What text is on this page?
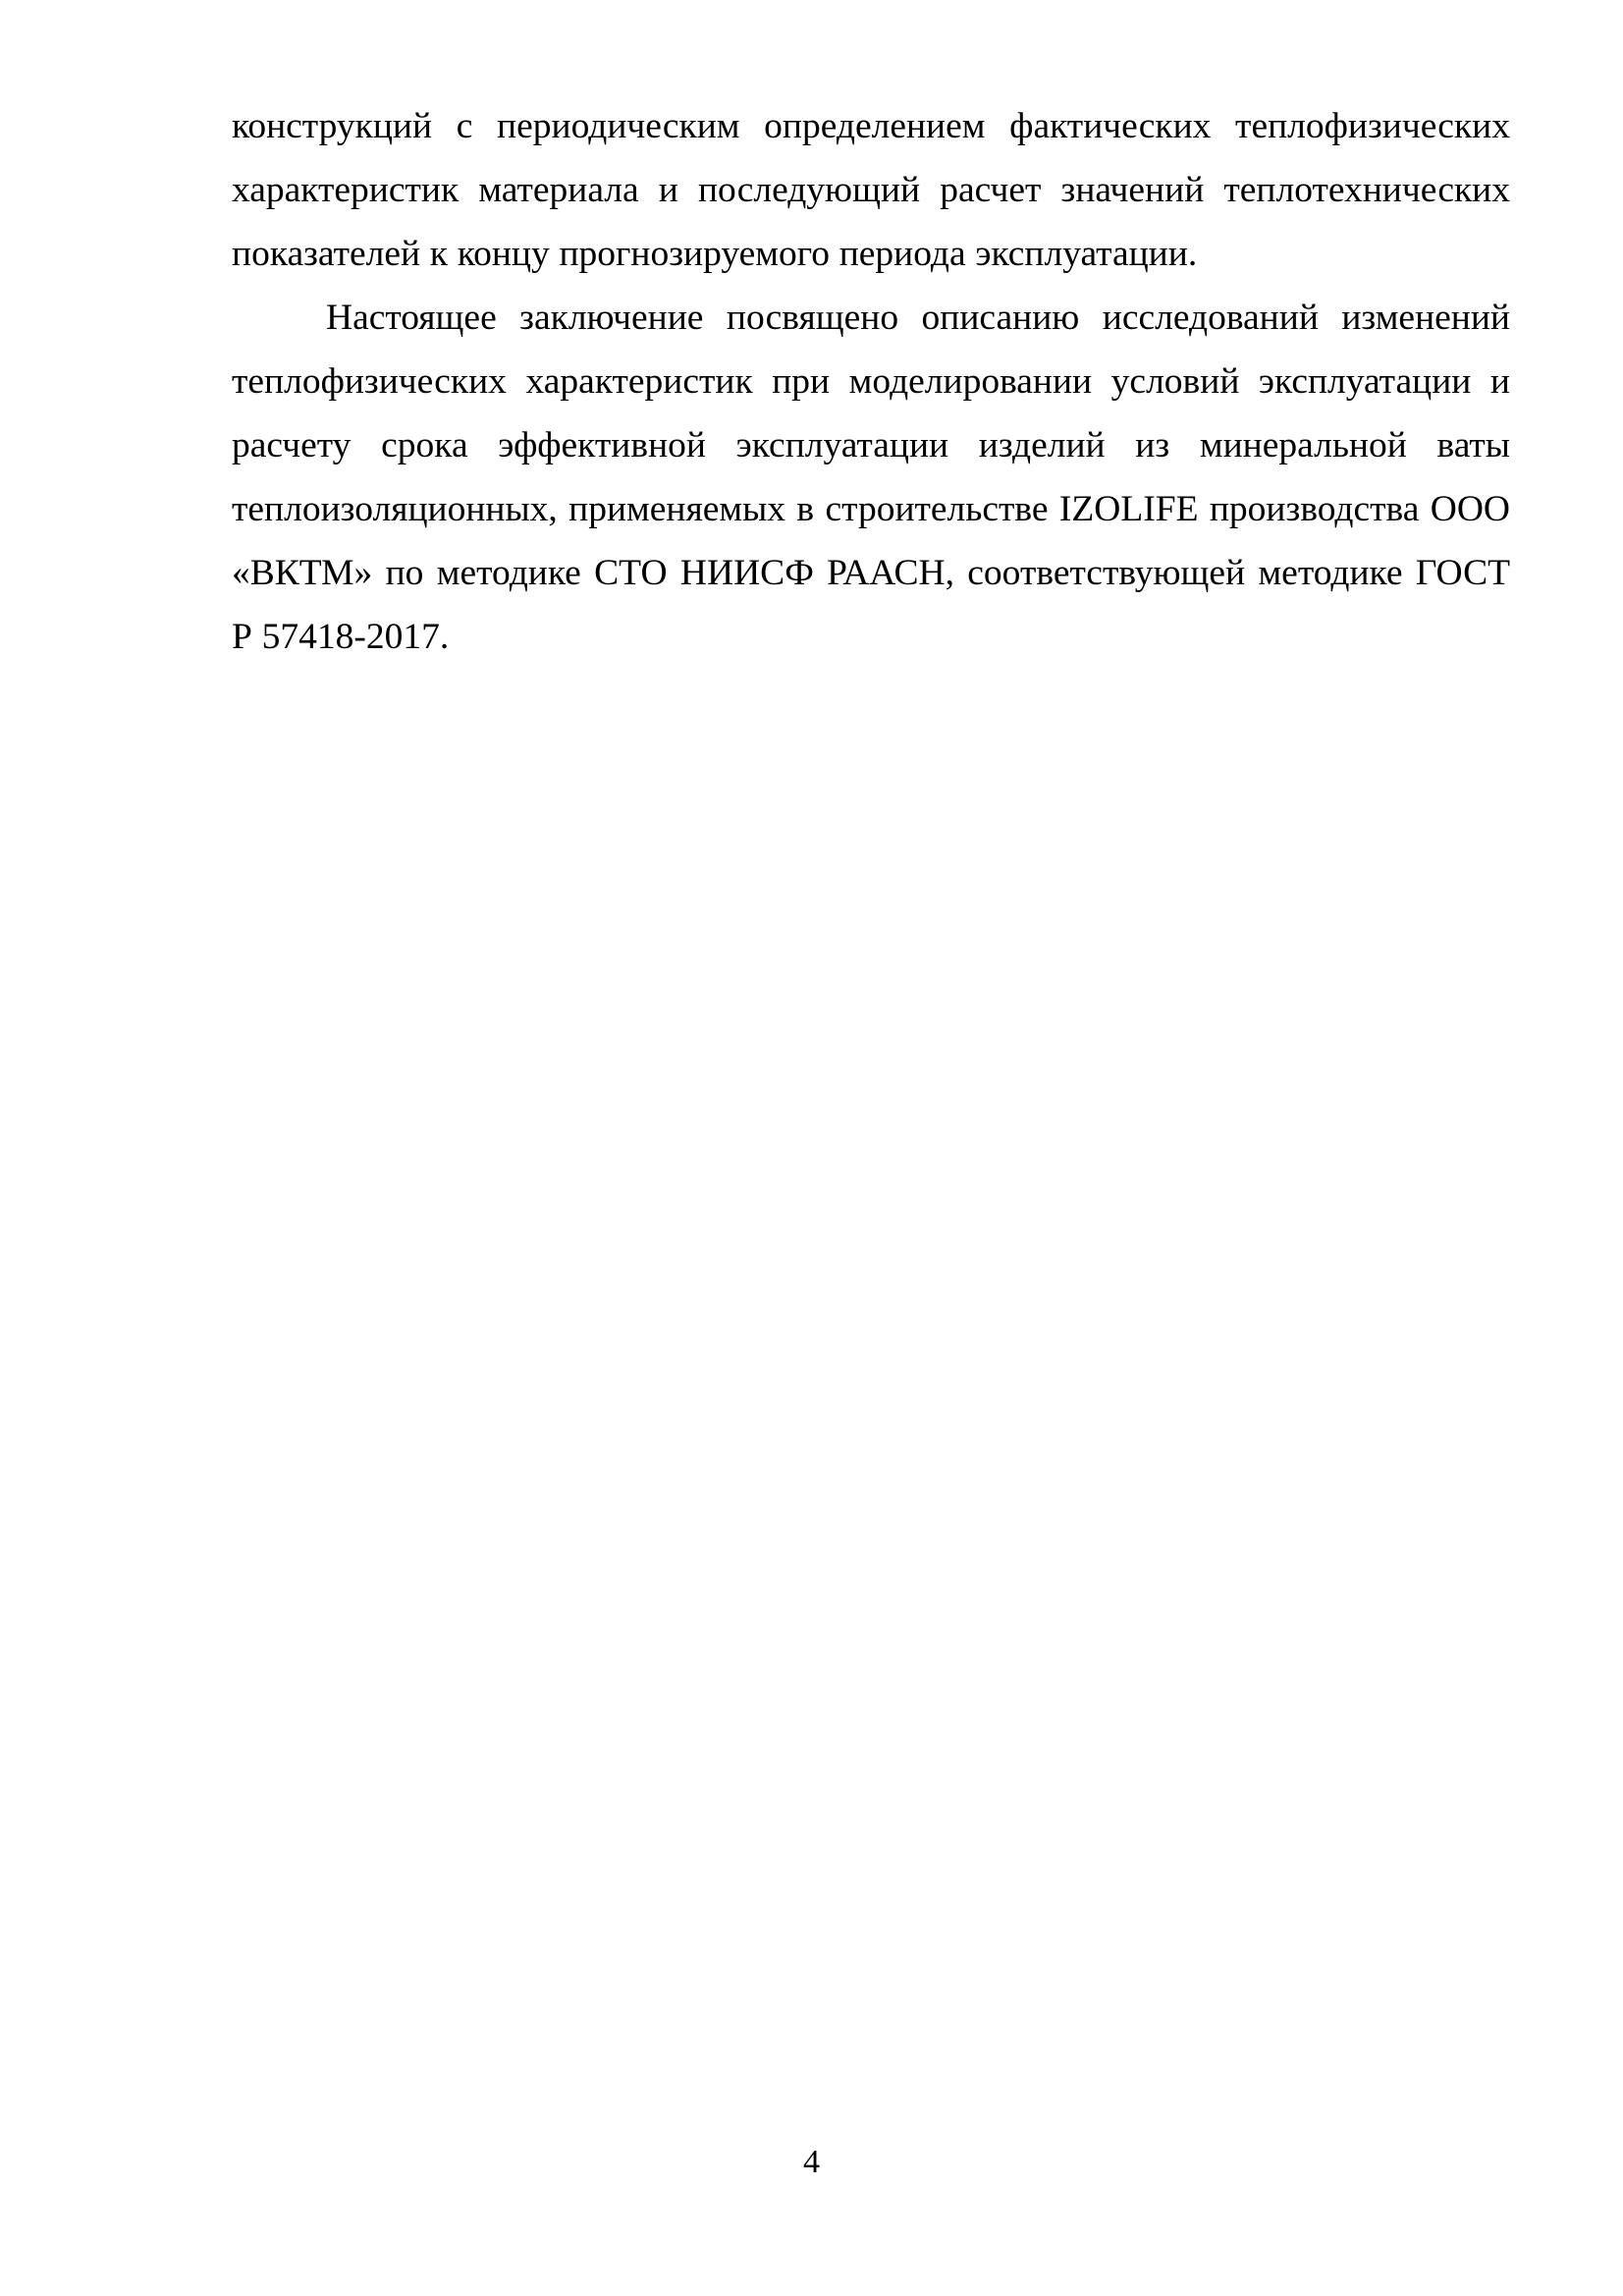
конструкций с периодическим определением фактических теплофизических характеристик материала и последующий расчет значений теплотехнических показателей к концу прогнозируемого периода эксплуатации.

Настоящее заключение посвящено описанию исследований изменений теплофизических характеристик при моделировании условий эксплуатации и расчету срока эффективной эксплуатации изделий из минеральной ваты теплоизоляционных, применяемых в строительстве IZOLIFE производства ООО «ВКТМ» по методике СТО НИИСФ РААСН, соответствующей методике ГОСТ Р 57418-2017.

4
